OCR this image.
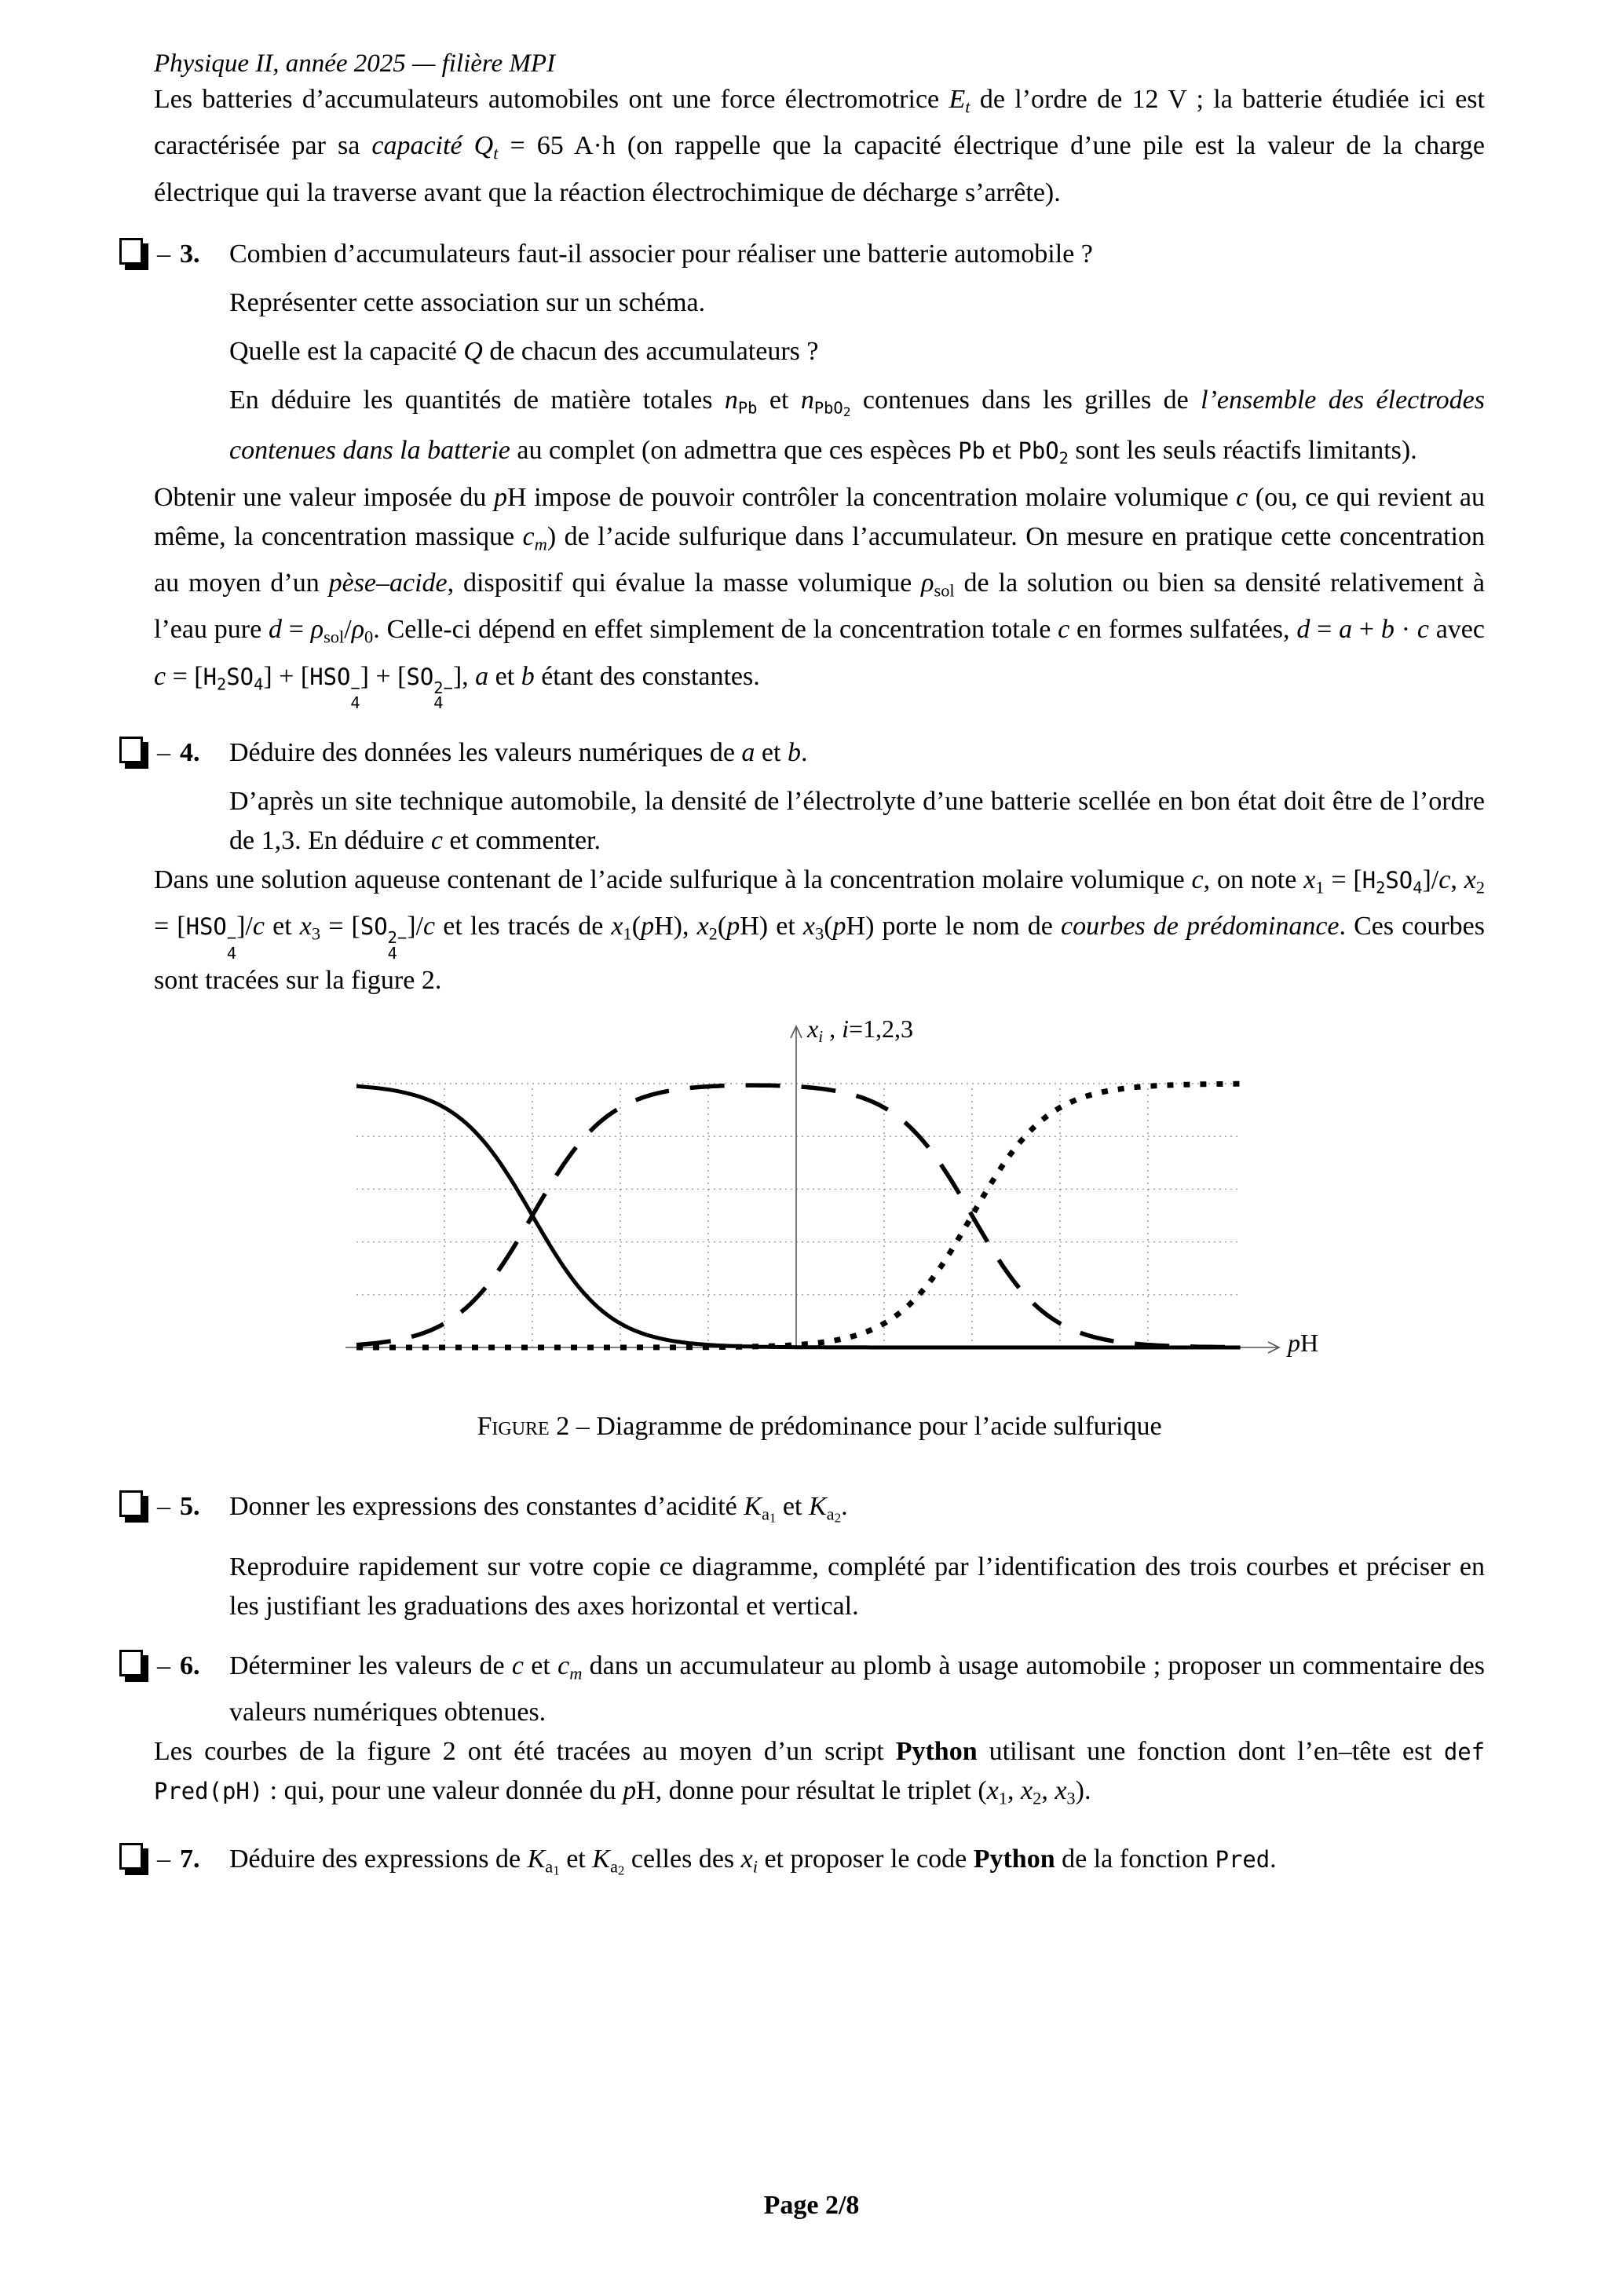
Physique II, année 2025 — filière MPI

Les batteries d’accumulateurs automobiles ont une force électromotrice Et de l’ordre de 12 V ; la batterie étudiée ici est caractérisée par sa capacité Qt = 65 A·h (on rappelle que la capacité électrique d’une pile est la valeur de la charge électrique qui la traverse avant que la réaction électrochimique de décharge s’arrête).

– 3.	Combien d’accumulateurs faut-il associer pour réaliser une batterie automobile ?

Représenter cette association sur un schéma.

Quelle est la capacité Q de chacun des accumulateurs ?

En déduire les quantités de matière totales nPb et nPbO$_2$ contenues dans les grilles de l’ensemble des électrodes contenues dans la batterie au complet (on admettra que ces espèces Pb et PbO2 sont les seuls réactifs limitants).

Obtenir une valeur imposée du pH impose de pouvoir contrôler la concentration molaire volumique c (ou, ce qui revient au même, la concentration massique cm) de l’acide sulfurique dans l’accumulateur. On mesure en pratique cette concentration au moyen d’un pèse–acide, dispositif qui évalue la masse volumique $\rho_{sol}$ de la solution ou bien sa densité relativement à l’eau pure $d = \rho_{sol}/\rho_0$. Celle-ci dépend en effet simplement de la concentration totale c en formes sulfatées, d = a + b · c avec c = [H2SO4] + [HSO −
4
] + [SO 2−
4
], a et b étant des constantes.

– 4.	Déduire des données les valeurs numériques de a et b.

D’après un site technique automobile, la densité de l’électrolyte d’une batterie scellée en bon état doit être de l’ordre de 1,3. En déduire c et commenter.

Dans une solution aqueuse contenant de l’acide sulfurique à la concentration molaire volumique c, on note $x_1 = [H2SO4]/c$, $x_2 = [HSO$ −
4
]/c et $x_3 = [SO$ 2−
4
]/c et les tracés de $x_1(pH)$, $x_2(pH)$ et $x_3(pH)$ porte le nom de courbes de prédominance. Ces courbes sont tracées sur la figure 2.

xi , i=1,2,3
pH

Figure 2 – Diagramme de prédominance pour l’acide sulfurique

– 5.	Donner les expressions des constantes d’acidité $K_{a1}$ et $K_{a2}$.

Reproduire rapidement sur votre copie ce diagramme, complété par l’identification des trois courbes et préciser en les justifiant les graduations des axes horizontal et vertical.

– 6.	Déterminer les valeurs de c et cm dans un accumulateur au plomb à usage automobile ; proposer un commentaire des valeurs numériques obtenues.

Les courbes de la figure 2 ont été tracées au moyen d’un script Python utilisant une fonction dont l’en–tête est def Pred(pH) : qui, pour une valeur donnée du pH, donne pour résultat le triplet ($x_1$, $x_2$, $x_3$).

– 7.	Déduire des expressions de $K_{a1}$ et $K_{a2}$ celles des xi et proposer le code Python de la fonction Pred.

Page 2/8
